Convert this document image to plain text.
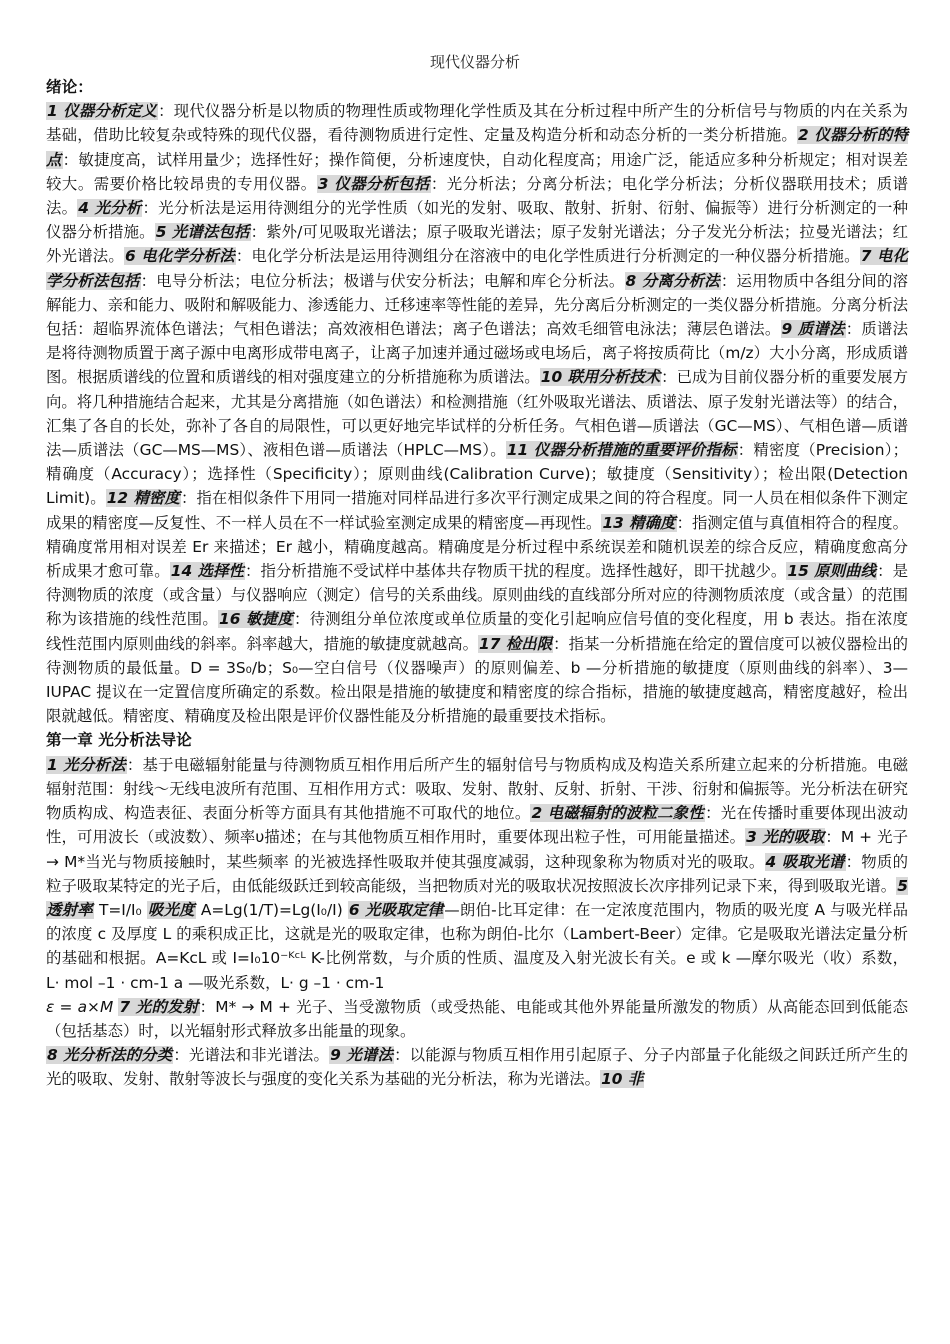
现代仪器分析

绪论：

1 仪器分析定义：现代仪器分析是以物质的物理性质或物理化学性质及其在分析过程中所产生的分析信号与物质的内在关系为基础，借助比较复杂或特殊的现代仪器，看待测物质进行定性、定量及构造分析和动态分析的一类分析措施。2 仪器分析的特点：敏捷度高，试样用量少；选择性好；操作简便，分析速度快，自动化程度高；用途广泛，能适应多种分析规定；相对误差较大。需要价格比较昂贵的专用仪器。3 仪器分析包括：光分析法；分离分析法；电化学分析法；分析仪器联用技术；质谱法。4 光分析：光分析法是运用待测组分的光学性质（如光的发射、吸取、散射、折射、衍射、偏振等）进行分析测定的一种仪器分析措施。5 光谱法包括：紫外/可见吸取光谱法；原子吸取光谱法；原子发射光谱法；分子发光分析法；拉曼光谱法；红外光谱法。6 电化学分析法：电化学分析法是运用待测组分在溶液中的电化学性质进行分析测定的一种仪器分析措施。7 电化学分析法包括：电导分析法；电位分析法；极谱与伏安分析法；电解和库仑分析法。8 分离分析法：运用物质中各组分间的溶解能力、亲和能力、吸附和解吸能力、渗透能力、迁移速率等性能的差异，先分离后分析测定的一类仪器分析措施。分离分析法包括：超临界流体色谱法；气相色谱法；高效液相色谱法；离子色谱法；高效毛细管电泳法；薄层色谱法。9 质谱法：质谱法是将待测物质置于离子源中电离形成带电离子，让离子加速并通过磁场或电场后，离子将按质荷比（m/z）大小分离，形成质谱图。根据质谱线的位置和质谱线的相对强度建立的分析措施称为质谱法。10 联用分析技术：已成为目前仪器分析的重要发展方向。将几种措施结合起来，尤其是分离措施（如色谱法）和检测措施（红外吸取光谱法、质谱法、原子发射光谱法等）的结合，汇集了各自的长处，弥补了各自的局限性，可以更好地完毕试样的分析任务。气相色谱—质谱法（GC—MS）、气相色谱—质谱法—质谱法（GC—MS—MS）、液相色谱—质谱法（HPLC—MS）。11 仪器分析措施的重要评价指标：精密度（Precision）；精确度（Accuracy）；选择性（Specificity）；原则曲线(Calibration Curve)；敏捷度（Sensitivity）；检出限(Detection Limit)。12 精密度：指在相似条件下用同一措施对同样品进行多次平行测定成果之间的符合程度。同一人员在相似条件下测定成果的精密度—反复性、不一样人员在不一样试验室测定成果的精密度—再现性。13 精确度：指测定值与真值相符合的程度。精确度常用相对误差 Er 来描述；Er 越小，精确度越高。精确度是分析过程中系统误差和随机误差的综合反应，精确度愈高分析成果才愈可靠。14 选择性：指分析措施不受试样中基体共存物质干扰的程度。选择性越好，即干扰越少。15 原则曲线：是待测物质的浓度（或含量）与仪器响应（测定）信号的关系曲线。原则曲线的直线部分所对应的待测物质浓度（或含量）的范围称为该措施的线性范围。16 敏捷度：待测组分单位浓度或单位质量的变化引起响应信号值的变化程度，用 b 表达。指在浓度 线性范围内原则曲线的斜率。斜率越大，措施的敏捷度就越高。17 检出限：指某一分析措施在给定的置信度可以被仪器检出的待测物质的最低量。D = 3S₀/b；S₀—空白信号（仪器噪声）的原则偏差、b —分析措施的敏捷度（原则曲线的斜率）、3—IUPAC 提议在一定置信度所确定的系数。检出限是措施的敏捷度和精密度的综合指标，措施的敏捷度越高，精密度越好，检出限就越低。精密度、精确度及检出限是评价仪器性能及分析措施的最重要技术指标。

第一章 光分析法导论

1 光分析法：基于电磁辐射能量与待测物质互相作用后所产生的辐射信号与物质构成及构造关系所建立起来的分析措施。电磁辐射范围：射线～无线电波所有范围、互相作用方式：吸取、发射、散射、反射、折射、干涉、衍射和偏振等。光分析法在研究物质构成、构造表征、表面分析等方面具有其他措施不可取代的地位。2 电磁辐射的波粒二象性：光在传播时重要体现出波动性，可用波长（或波数）、频率υ描述；在与其他物质互相作用时，重要体现出粒子性，可用能量描述。3 光的吸取：M + 光子 → M*当光与物质接触时，某些频率 的光被选择性吸取并使其强度减弱，这种现象称为物质对光的吸取。4 吸取光谱：物质的粒子吸取某特定的光子后，由低能级跃迁到较高能级，当把物质对光的吸取状况按照波长次序排列记录下来，得到吸取光谱。5 透射率 T=I/I₀ 吸光度 A=Lg(1/T)=Lg(I₀/I) 6 光吸取定律—朗伯-比耳定律：在一定浓度范围内，物质的吸光度 A 与吸光样品的浓度 c 及厚度 L 的乘积成正比，这就是光的吸取定律，也称为朗伯-比尔（Lambert-Beer）定律。它是吸取光谱法定量分析的基础和根据。A=KcL 或 I=I₀10⁻ᴷᶜᴸ K-比例常数，与介质的性质、温度及入射光波长有关。e 或 k —摩尔吸光（收）系数， L· mol –1 · cm-1 a —吸光系数，L· g –1 · cm-1

ε = a×M 7 光的发射：M* → M + 光子、当受激物质（或受热能、电能或其他外界能量所激发的物质）从高能态回到低能态（包括基态）时，以光辐射形式释放多出能量的现象。

8 光分析法的分类：光谱法和非光谱法。9 光谱法：以能源与物质互相作用引起原子、分子内部量子化能级之间跃迁所产生的光的吸取、发射、散射等波长与强度的变化关系为基础的光分析法，称为光谱法。10 非
